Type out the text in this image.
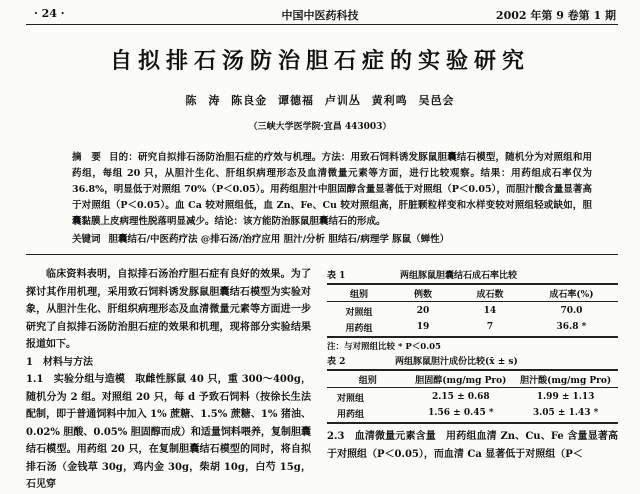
· 24 ·	中国中医药科技	2002 年第 9 卷第 1 期
自拟排石汤防治胆石症的实验研究
陈 涛 陈良金 谭德福 卢训丛 黄利鸣 吴邑会
（三峡大学医学院·宜昌 443003）
摘　要 目的：研究自拟排石汤防治胆石症的疗效与机理。方法：用致石饲料诱发豚鼠胆囊结石模型，随机分为对照组和用药组，每组 20 只，从胆汁生化、肝组织病理形态及血清微量元素等方面，进行比较观察。结果：用药组成石率仅为 36.8%，明显低于对照组 70%（P＜0.05）。用药组胆汁中胆固醇含量显著低于对照组（P＜0.05），而胆汁酸含量显著高于对照组（P＜0.05）。血 Ca 较对照组低，血 Zn、Fe、Cu 较对照组高，肝脏颗粒样变和水样变较对照组轻或缺如，胆囊黏膜上皮病理性脱落明显减少。结论：该方能防治豚鼠胆囊结石的形成。
关键词 胆囊结石/中医药疗法 @排石汤/治疗应用 胆汁/分析 胆结石/病理学 豚鼠（蝉性）

临床资料表明，自拟排石汤治疗胆石症有良好的效果。为了探讨其作用机理，采用致石饲料诱发豚鼠胆囊结石模型为实验对象，从胆汁生化、肝组织病理形态及血清微量元素等方面进一步研究了自拟排石汤防治胆石症的效果和机理，现将部分实验结果报道如下。

1　材料与方法

1.1　实验分组与造模　取雌性豚鼠 40 只，重 300～400g，随机分为 2 组。对照组 20 只，每 d 予致石饲料（按徐长生法配制，即于普通饲料中加入 1% 蔗糖、1.5% 蔗糖、1% 猪油、0.02% 胆酸、0.05% 胆固醇而成）和适量饲料喂养，复制胆囊结石模型。用药组 20 只，在复制胆囊结石模型的同时，将自拟排石汤（金钱草 30g，鸡内金 30g，柴胡 10g，白芍 15g，石见穿

表 1	两组豚鼠胆囊结石成石率比较
组别	例数	成石数	成石率(%)

对照组	20	14	70.0
用药组	19	7	36.8 *
注：与对照组比较 * P＜0.05
表 2	两组豚鼠胆汁成份比较(x̄ ± s)
组别	胆固醇(mg/mg Pro)	胆汁酸(mg/mg Pro)

对照组	2.15 ± 0.68	1.99 ± 1.13
用药组	1.56 ± 0.45 *	3.05 ± 1.43 *
2.3　血清微量元素含量　用药组血清 Zn、Cu、Fe 含量显著高于对照组（P＜0.05），而血清 Ca 显著低于对照组（P＜
